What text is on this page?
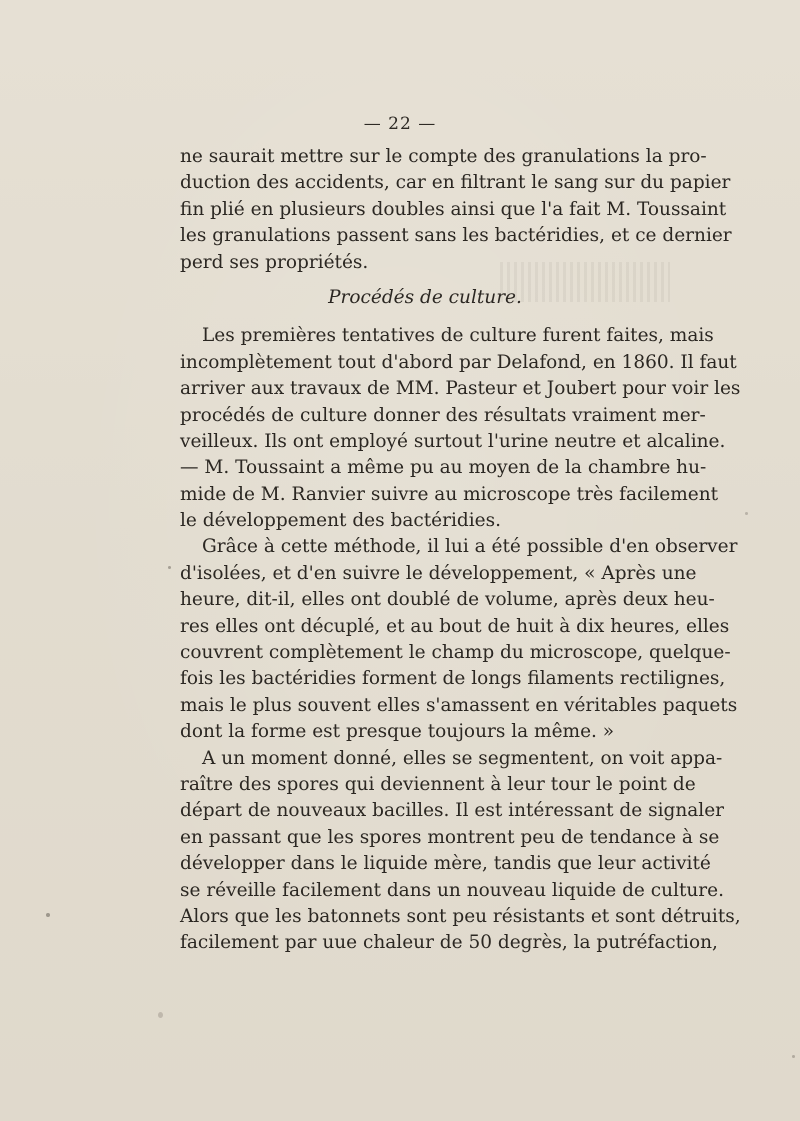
— 22 —
ne saurait mettre sur le compte des granulations la pro-
duction des accidents, car en filtrant le sang sur du papier
fin plié en plusieurs doubles ainsi que l'a fait M. Toussaint
les granulations passent sans les bactéridies, et ce dernier
perd ses propriétés.
Procédés de culture.
Les premières tentatives de culture furent faites, mais
incomplètement tout d'abord par Delafond, en 1860. Il faut
arriver aux travaux de MM. Pasteur et Joubert pour voir les
procédés de culture donner des résultats vraiment mer-
veilleux. Ils ont employé surtout l'urine neutre et alcaline.
— M. Toussaint a même pu au moyen de la chambre hu-
mide de M. Ranvier suivre au microscope très facilement
le développement des bactéridies.
Grâce à cette méthode, il lui a été possible d'en observer
d'isolées, et d'en suivre le développement, « Après une
heure, dit-il, elles ont doublé de volume, après deux heu-
res elles ont décuplé, et au bout de huit à dix heures, elles
couvrent complètement le champ du microscope, quelque-
fois les bactéridies forment de longs filaments rectilignes,
mais le plus souvent elles s'amassent en véritables paquets
dont la forme est presque toujours la même. »
A un moment donné, elles se segmentent, on voit appa-
raître des spores qui deviennent à leur tour le point de
départ de nouveaux bacilles. Il est intéressant de signaler
en passant que les spores montrent peu de tendance à se
développer dans le liquide mère, tandis que leur activité
se réveille facilement dans un nouveau liquide de culture.
Alors que les batonnets sont peu résistants et sont détruits,
facilement par uue chaleur de 50 degrès, la putréfaction,
